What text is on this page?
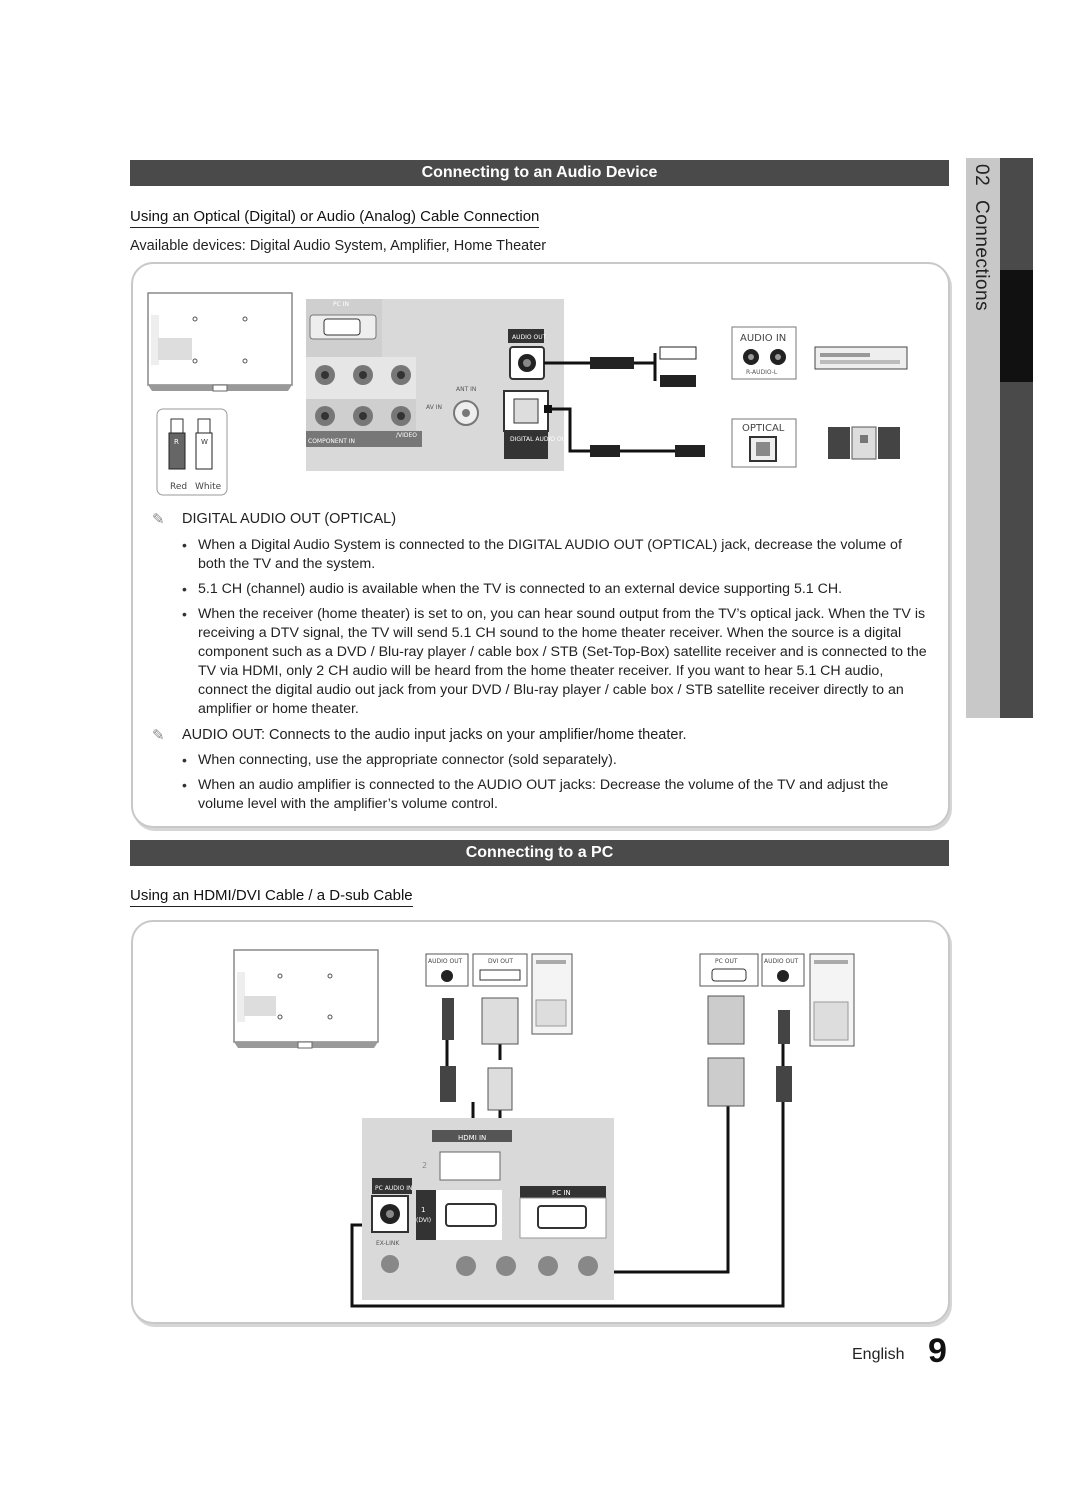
02
Connections
Connecting to an Audio Device
Using an Optical (Digital) or Audio (Analog) Cable Connection
Available devices: Digital Audio System, Amplifier, Home Theater
R	W
Red White
PC IN
COMPONENT IN
/VIDEO
AV IN
ANT IN
AUDIO OUT
DIGITAL AUDIO OUT (OPTICAL)
AUDIO IN
R-AUDIO-L
OPTICAL
✎	DIGITAL AUDIO OUT (OPTICAL)
• When a Digital Audio System is connected to the DIGITAL AUDIO OUT (OPTICAL) jack, decrease the volume of both the TV and the system.
• 5.1 CH (channel) audio is available when the TV is connected to an external device supporting 5.1 CH.
• When the receiver (home theater) is set to on, you can hear sound output from the TV’s optical jack. When the TV is receiving a DTV signal, the TV will send 5.1 CH sound to the home theater receiver. When the source is a digital component such as a DVD / Blu-ray player / cable box / STB (Set-Top-Box) satellite receiver and is connected to the TV via HDMI, only 2 CH audio will be heard from the home theater receiver. If you want to hear 5.1 CH audio, connect the digital audio out jack from your DVD / Blu-ray player / cable box / STB satellite receiver directly to an amplifier or home theater.
✎	AUDIO OUT: Connects to the audio input jacks on your amplifier/home theater.
• When connecting, use the appropriate connector (sold separately).
• When an audio amplifier is connected to the AUDIO OUT jacks: Decrease the volume of the TV and adjust the volume level with the amplifier’s volume control.
Connecting to a PC
Using an HDMI/DVI Cable / a D-sub Cable
AUDIO OUT	DVI OUT	PC OUT	AUDIO OUT
HDMI IN
2
PC AUDIO IN
EX-LINK
1
(DVI)
PC IN
English 9
